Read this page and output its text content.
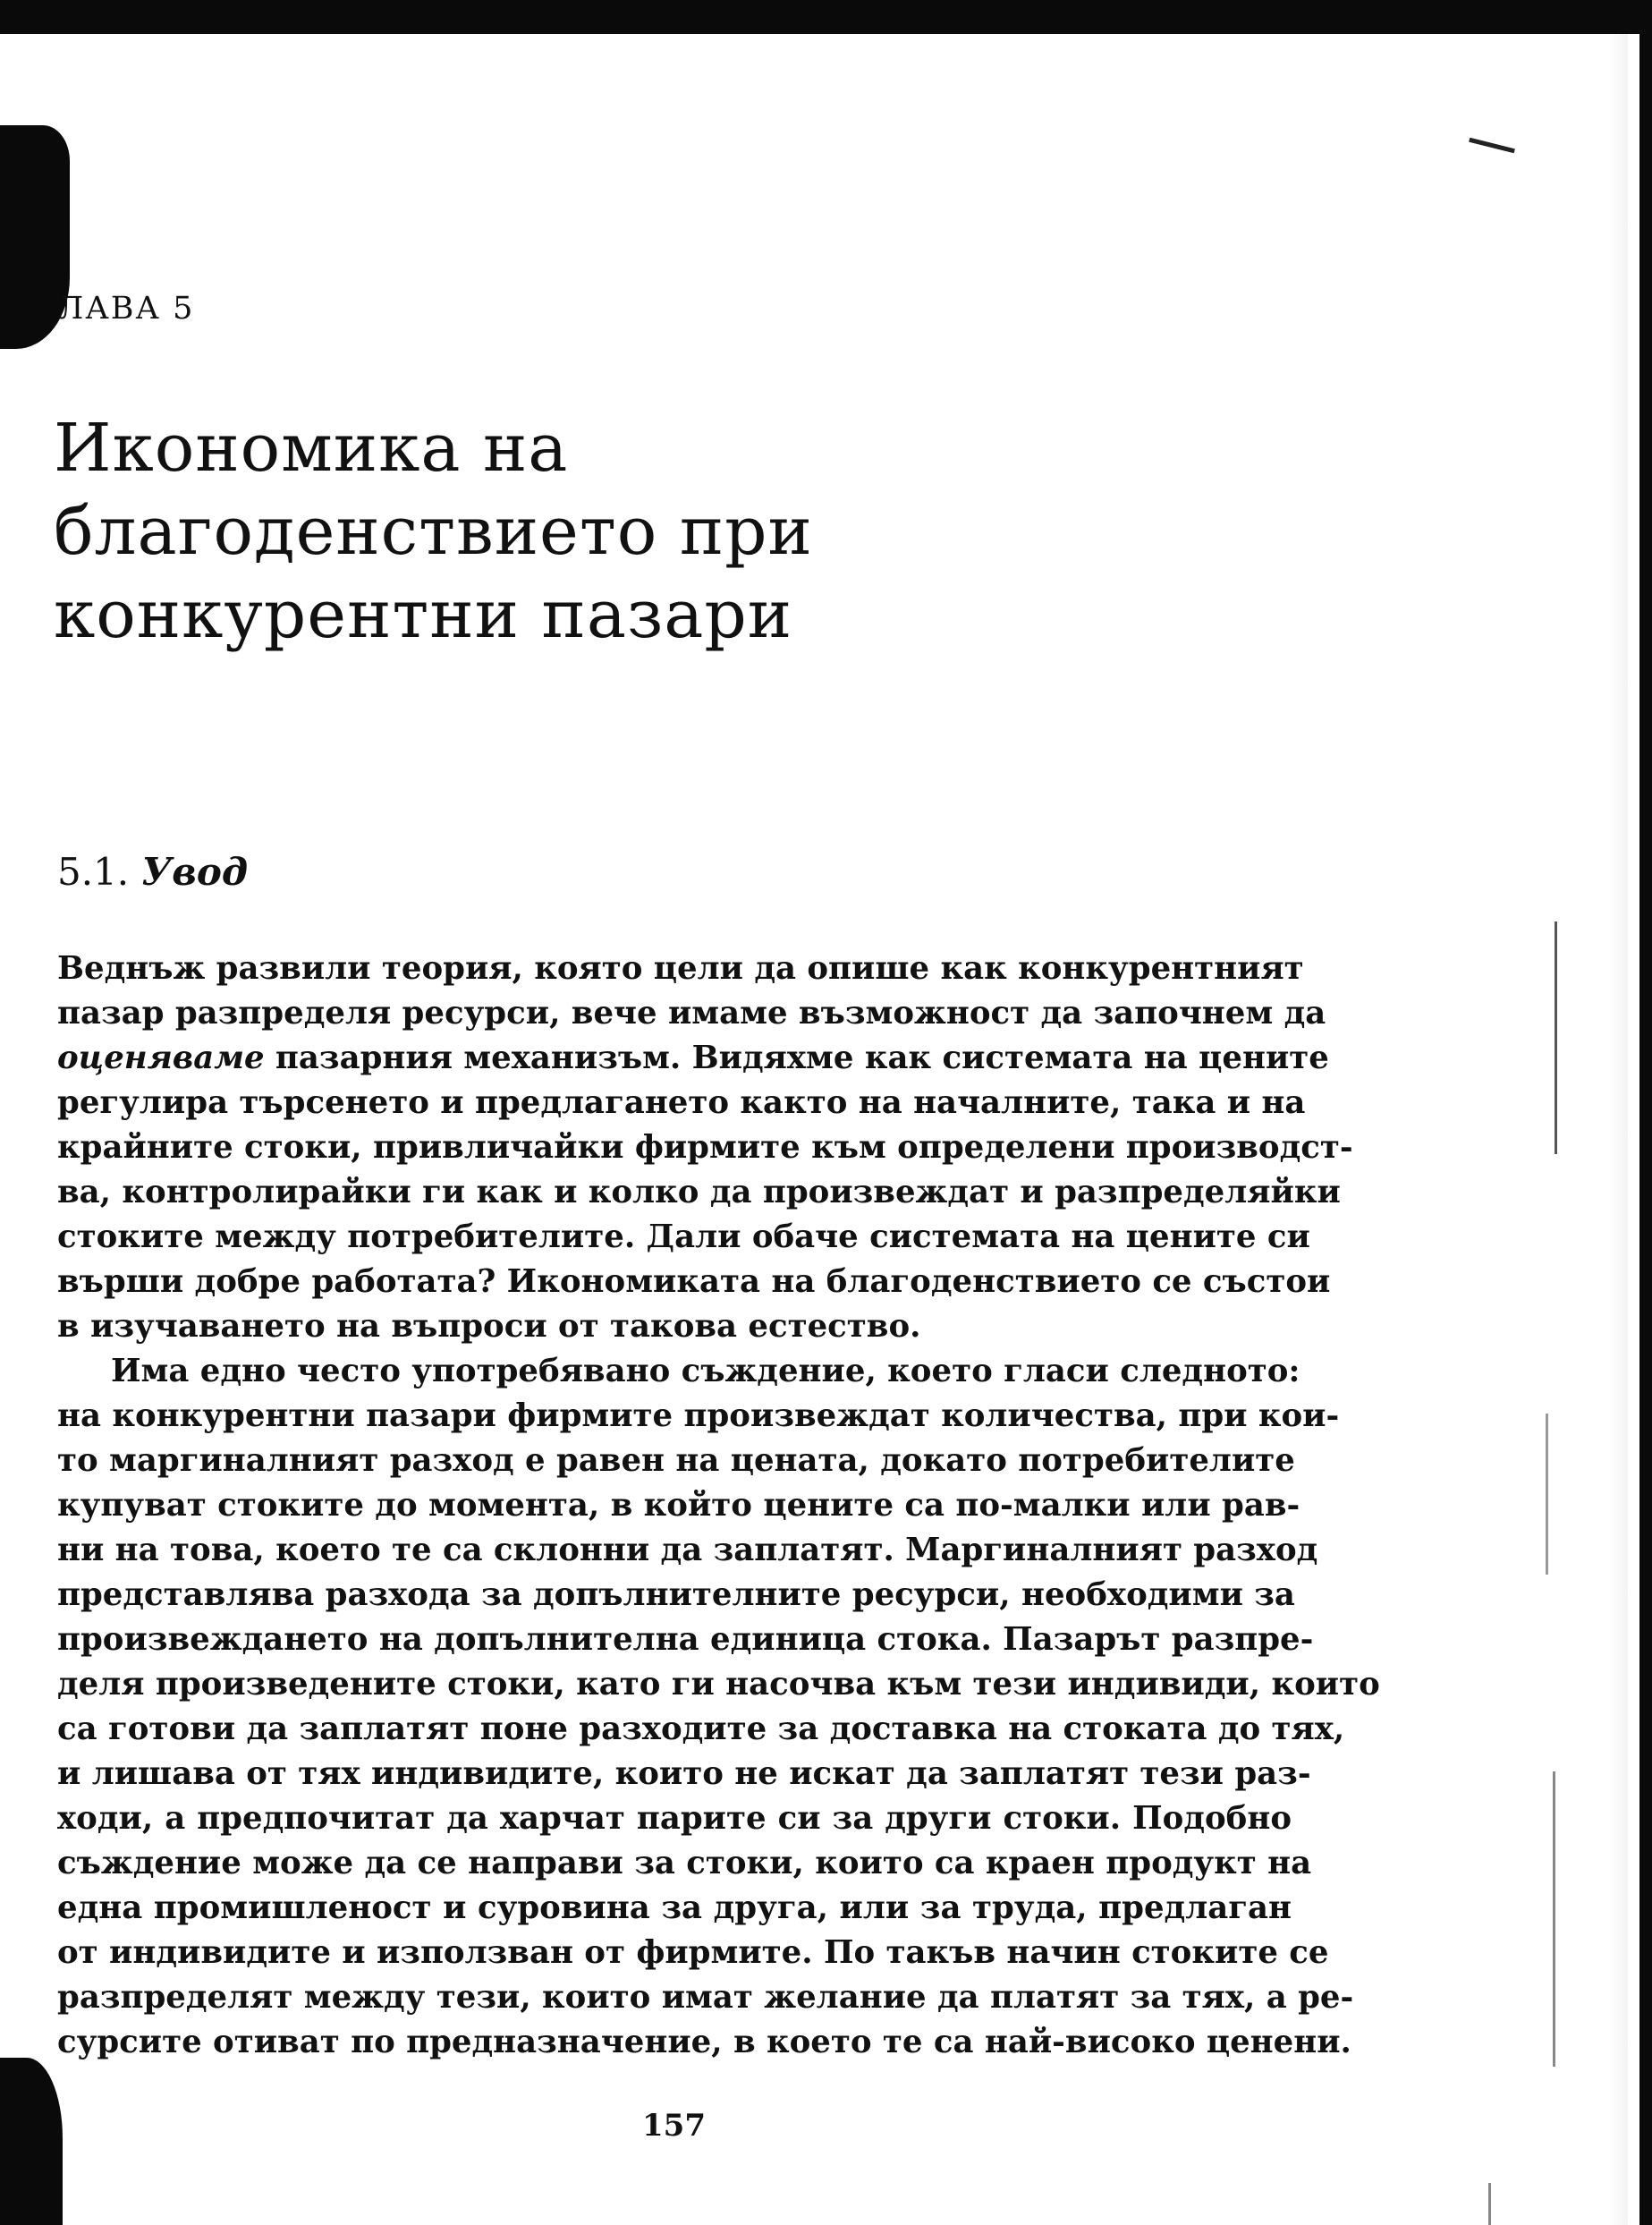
ЛАВА 5
Икономика на
благоденствието при
конкурентни пазари
5.1. Увод
Веднъж развили теория, която цели да опише как конкурентният
пазар разпределя ресурси, вече имаме възможност да започнем да
оценяваме пазарния механизъм. Видяхме как системата на цените
регулира търсенето и предлагането както на началните, така и на
крайните стоки, привличайки фирмите към определени производст-
ва, контролирайки ги как и колко да произвеждат и разпределяйки
стоките между потребителите. Дали обаче системата на цените си
върши добре работата? Икономиката на благоденствието се състои
в изучаването на въпроси от такова естество.
Има едно често употребявано съждение, което гласи следното:
на конкурентни пазари фирмите произвеждат количества, при кои-
то маргиналният разход е равен на цената, докато потребителите
купуват стоките до момента, в който цените са по-малки или рав-
ни на това, което те са склонни да заплатят. Маргиналният разход
представлява разхода за допълнителните ресурси, необходими за
произвеждането на допълнителна единица стока. Пазарът разпре-
деля произведените стоки, като ги насочва към тези индивиди, които
са готови да заплатят поне разходите за доставка на стоката до тях,
и лишава от тях индивидите, които не искат да заплатят тези раз-
ходи, а предпочитат да харчат парите си за други стоки. Подобно
съждение може да се направи за стоки, които са краен продукт на
една промишленост и суровина за друга, или за труда, предлаган
от индивидите и използван от фирмите. По такъв начин стоките се
разпределят между тези, които имат желание да платят за тях, а ре-
сурсите отиват по предназначение, в което те са най-високо ценени.
157
